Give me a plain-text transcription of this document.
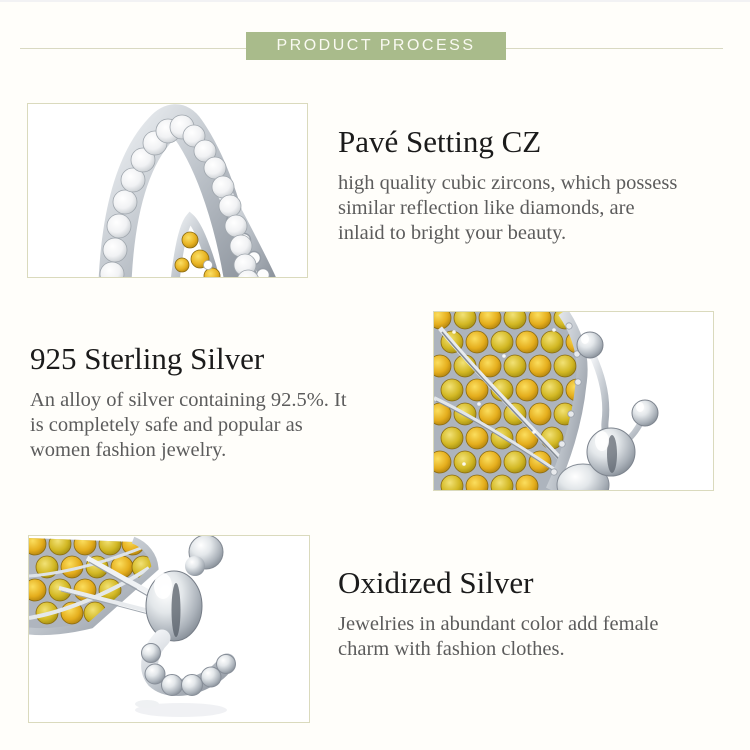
PRODUCT PROCESS
Pavé Setting CZ
high quality cubic zircons, which possess
similar reflection like diamonds, are
inlaid to bright your beauty.
925 Sterling Silver
An alloy of silver containing 92.5%. It
is completely safe and popular as
women fashion jewelry.
Oxidized Silver
Jewelries in abundant color add female
charm with fashion clothes.
